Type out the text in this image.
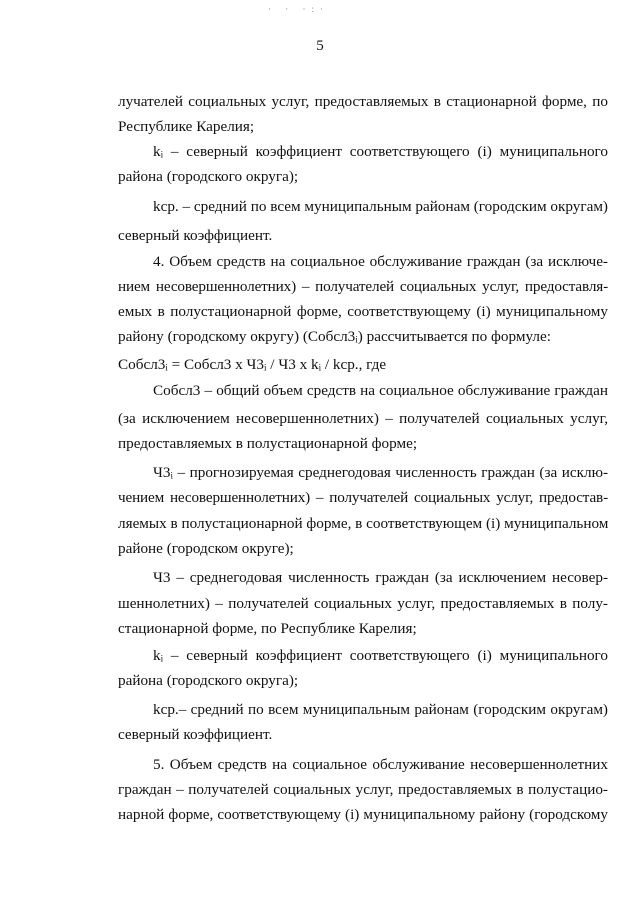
· · ·:·
5
лучателей социальных услуг, предоставляемых в стационарной форме, по
Республике Карелия;
kᵢ – северный коэффициент соответствующего (i) муниципального
района (городского округа);
kср. – средний по всем муниципальным районам (городским округам)
северный коэффициент.
4. Объем средств на социальное обслуживание граждан (за исключе-
нием несовершеннолетних) – получателей социальных услуг, предоставля-
емых в полустационарной форме, соответствующему (i) муниципальному
району (городскому округу) (Собсл3ᵢ) рассчитывается по формуле:
Собсл3ᵢ = Собсл3 х Ч3ᵢ / Ч3 х kᵢ / kср., где
Собсл3 – общий объем средств на социальное обслуживание граждан
(за исключением несовершеннолетних) – получателей социальных услуг,
предоставляемых в полустационарной форме;
Ч3ᵢ – прогнозируемая среднегодовая численность граждан (за исклю-
чением несовершеннолетних) – получателей социальных услуг, предостав-
ляемых в полустационарной форме, в соответствующем (i) муниципальном
районе (городском округе);
Ч3 – среднегодовая численность граждан (за исключением несовер-
шеннолетних) – получателей социальных услуг, предоставляемых в полу-
стационарной форме, по Республике Карелия;
kᵢ – северный коэффициент соответствующего (i) муниципального
района (городского округа);
kср.– средний по всем муниципальным районам (городским округам)
северный коэффициент.
5. Объем средств на социальное обслуживание несовершеннолетних
граждан – получателей социальных услуг, предоставляемых в полустацио-
нарной форме, соответствующему (i) муниципальному району (городскому
